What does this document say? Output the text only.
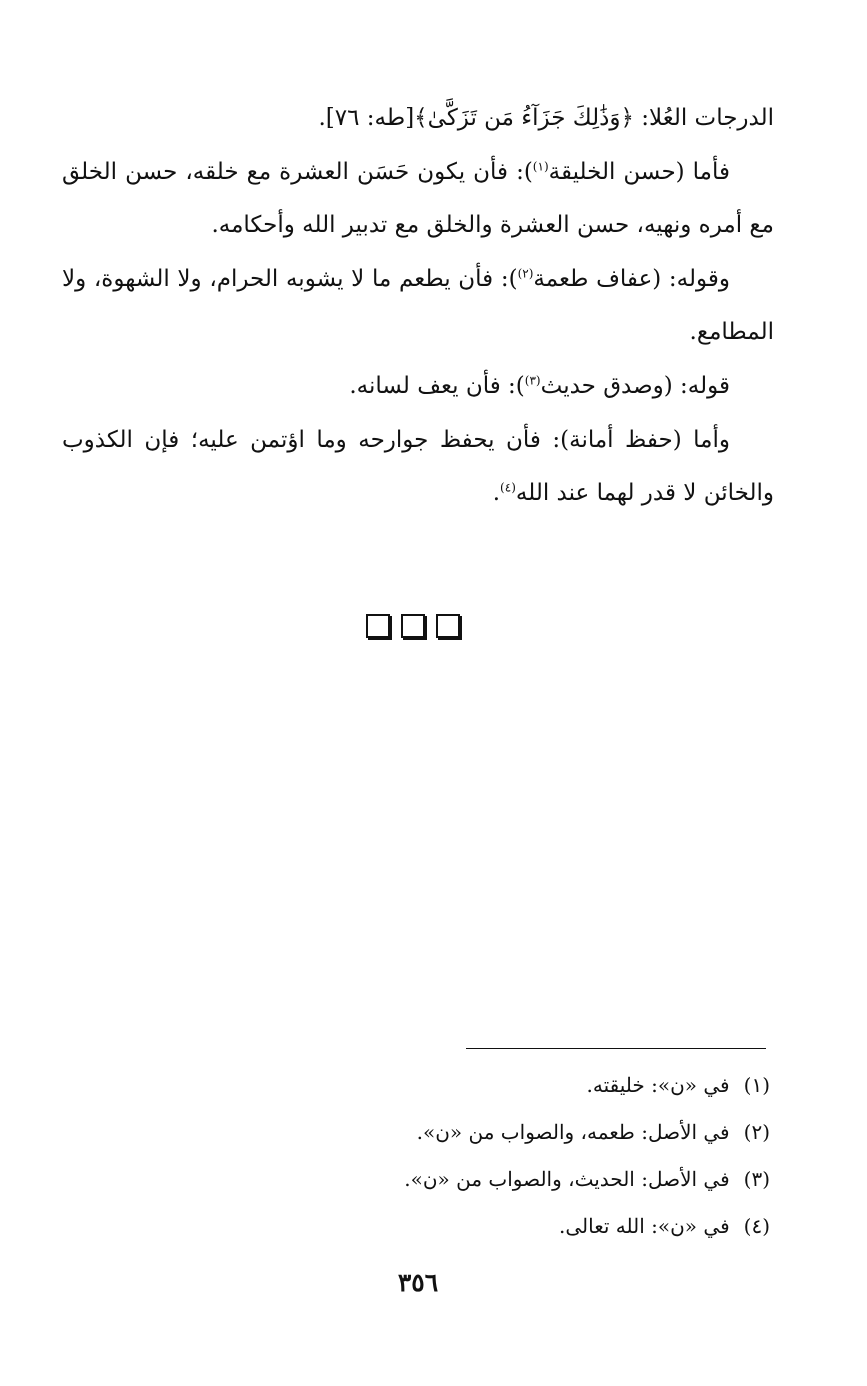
الدرجات العُلا: ﴿وَذَٰلِكَ جَزَآءُ مَن تَزَكَّىٰ﴾[طه: ٧٦].

فأما (حسن الخليقة$^{(١)}$): فأن يكون حَسَن العشرة مع خلقه، حسن الخلق مع أمره ونهيه، حسن العشرة والخلق مع تدبير الله وأحكامه.

وقوله: (عفاف طعمة$^{(٢)}$): فأن يطعم ما لا يشوبه الحرام، ولا الشهوة، ولا المطامع.

قوله: (وصدق حديث$^{(٣)}$): فأن يعف لسانه.

وأما (حفظ أمانة): فأن يحفظ جوارحه وما اؤتمن عليه؛ فإن الكذوب والخائن لا قدر لهما عند الله$^{(٤)}$.

(١)في «ن»: خليقته.

(٢)في الأصل: طعمه، والصواب من «ن».

(٣)في الأصل: الحديث، والصواب من «ن».

(٤)في «ن»: الله تعالى.

٣٥٦
